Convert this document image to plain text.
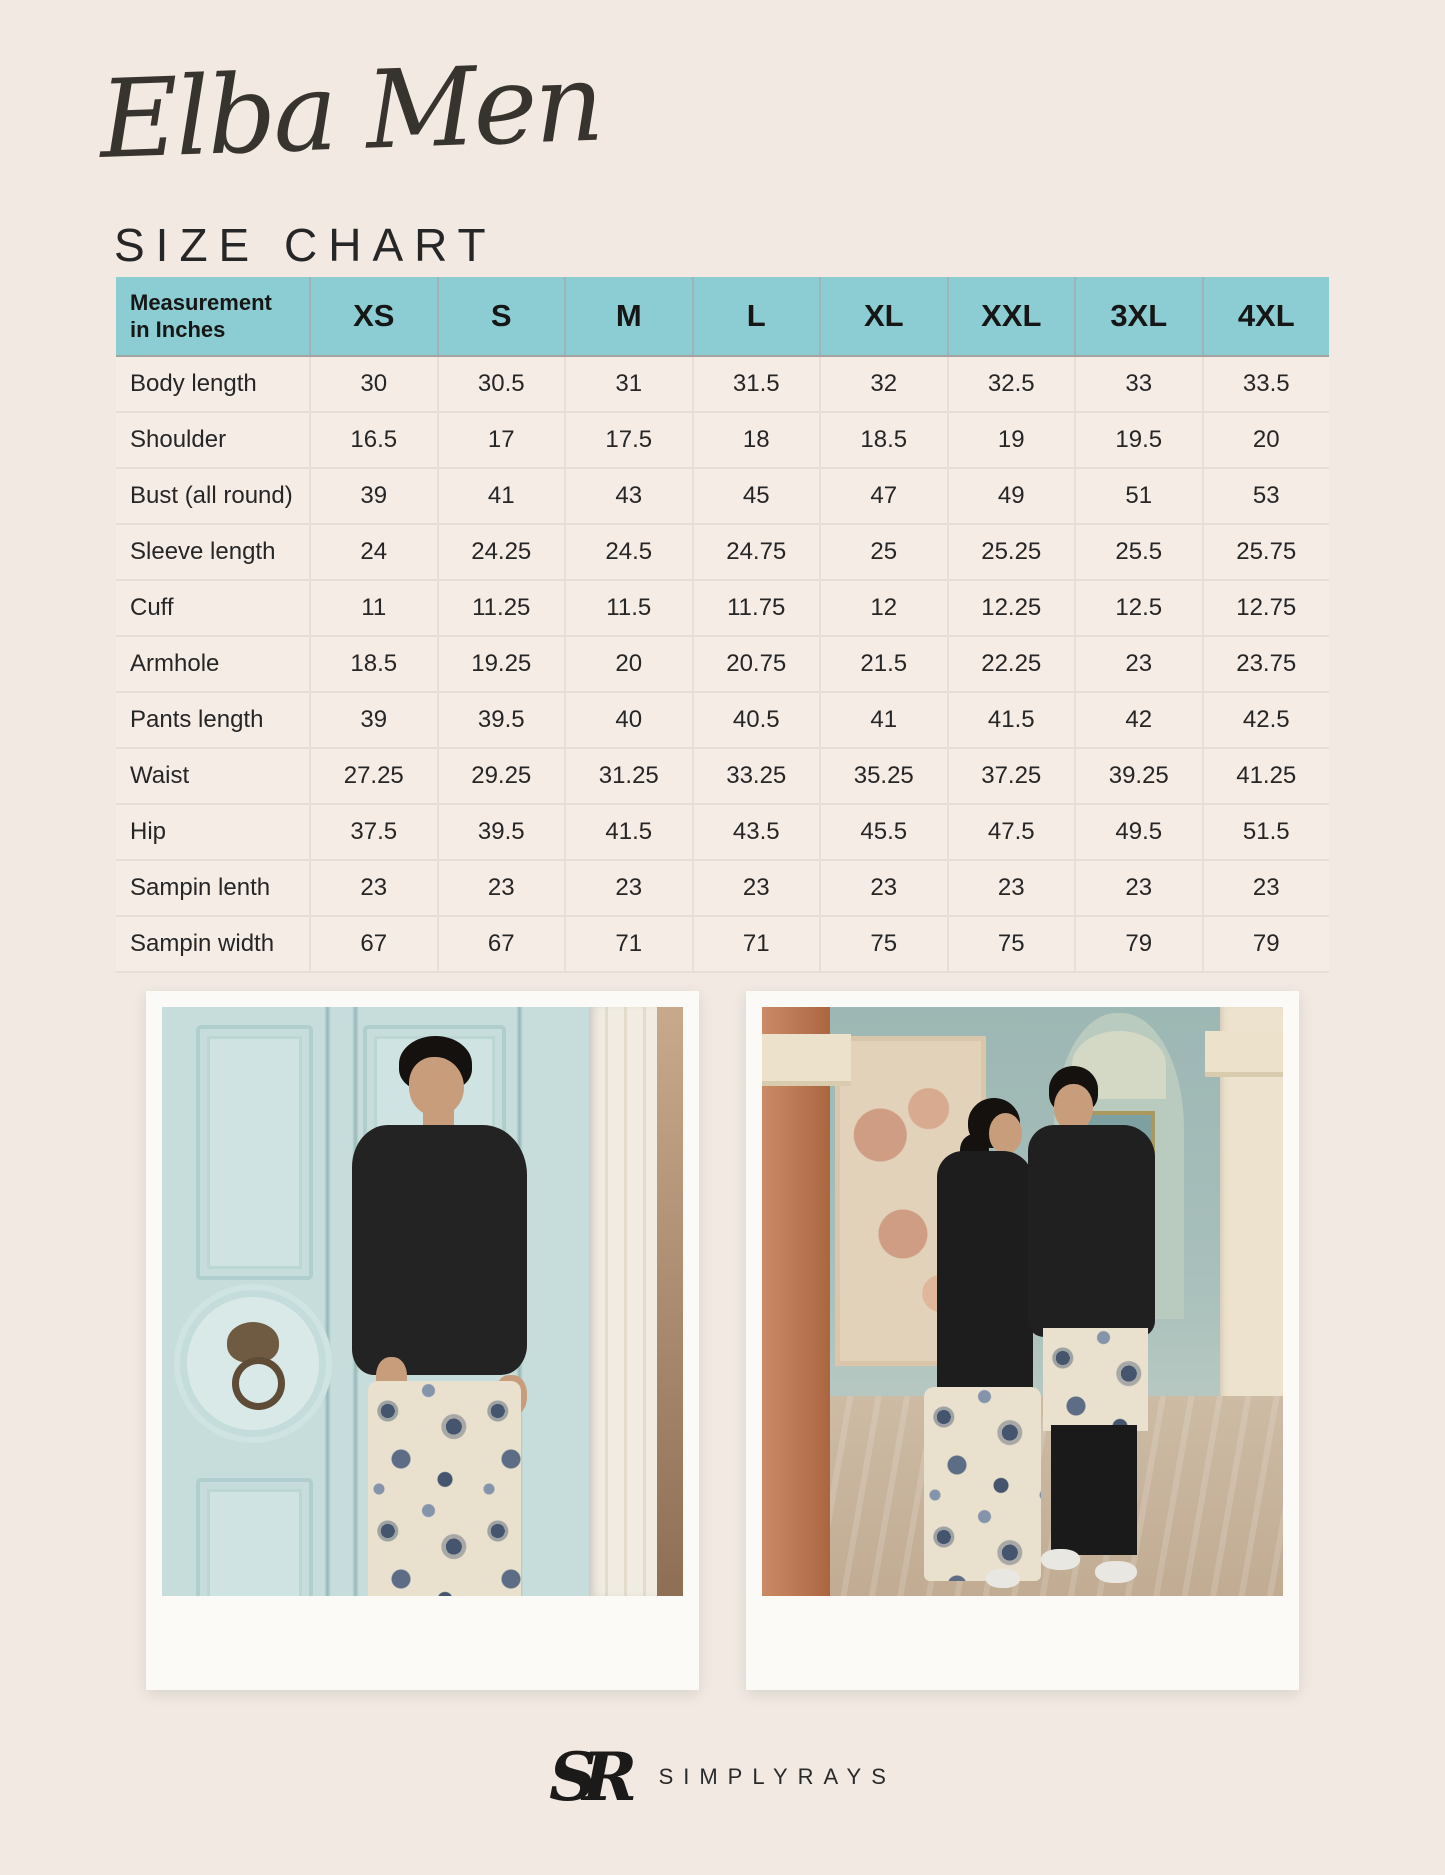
Elba Men
SIZE CHART
Measurement in Inches	XS	S	M	L	XL	XXL	3XL	4XL
Body length	30	30.5	31	31.5	32	32.5	33	33.5
Shoulder	16.5	17	17.5	18	18.5	19	19.5	20
Bust (all round)	39	41	43	45	47	49	51	53
Sleeve length	24	24.25	24.5	24.75	25	25.25	25.5	25.75
Cuff	11	11.25	11.5	11.75	12	12.25	12.5	12.75
Armhole	18.5	19.25	20	20.75	21.5	22.25	23	23.75
Pants length	39	39.5	40	40.5	41	41.5	42	42.5
Waist	27.25	29.25	31.25	33.25	35.25	37.25	39.25	41.25
Hip	37.5	39.5	41.5	43.5	45.5	47.5	49.5	51.5
Sampin lenth	23	23	23	23	23	23	23	23
Sampin width	67	67	71	71	75	75	79	79
SR	SIMPLYRAYS
